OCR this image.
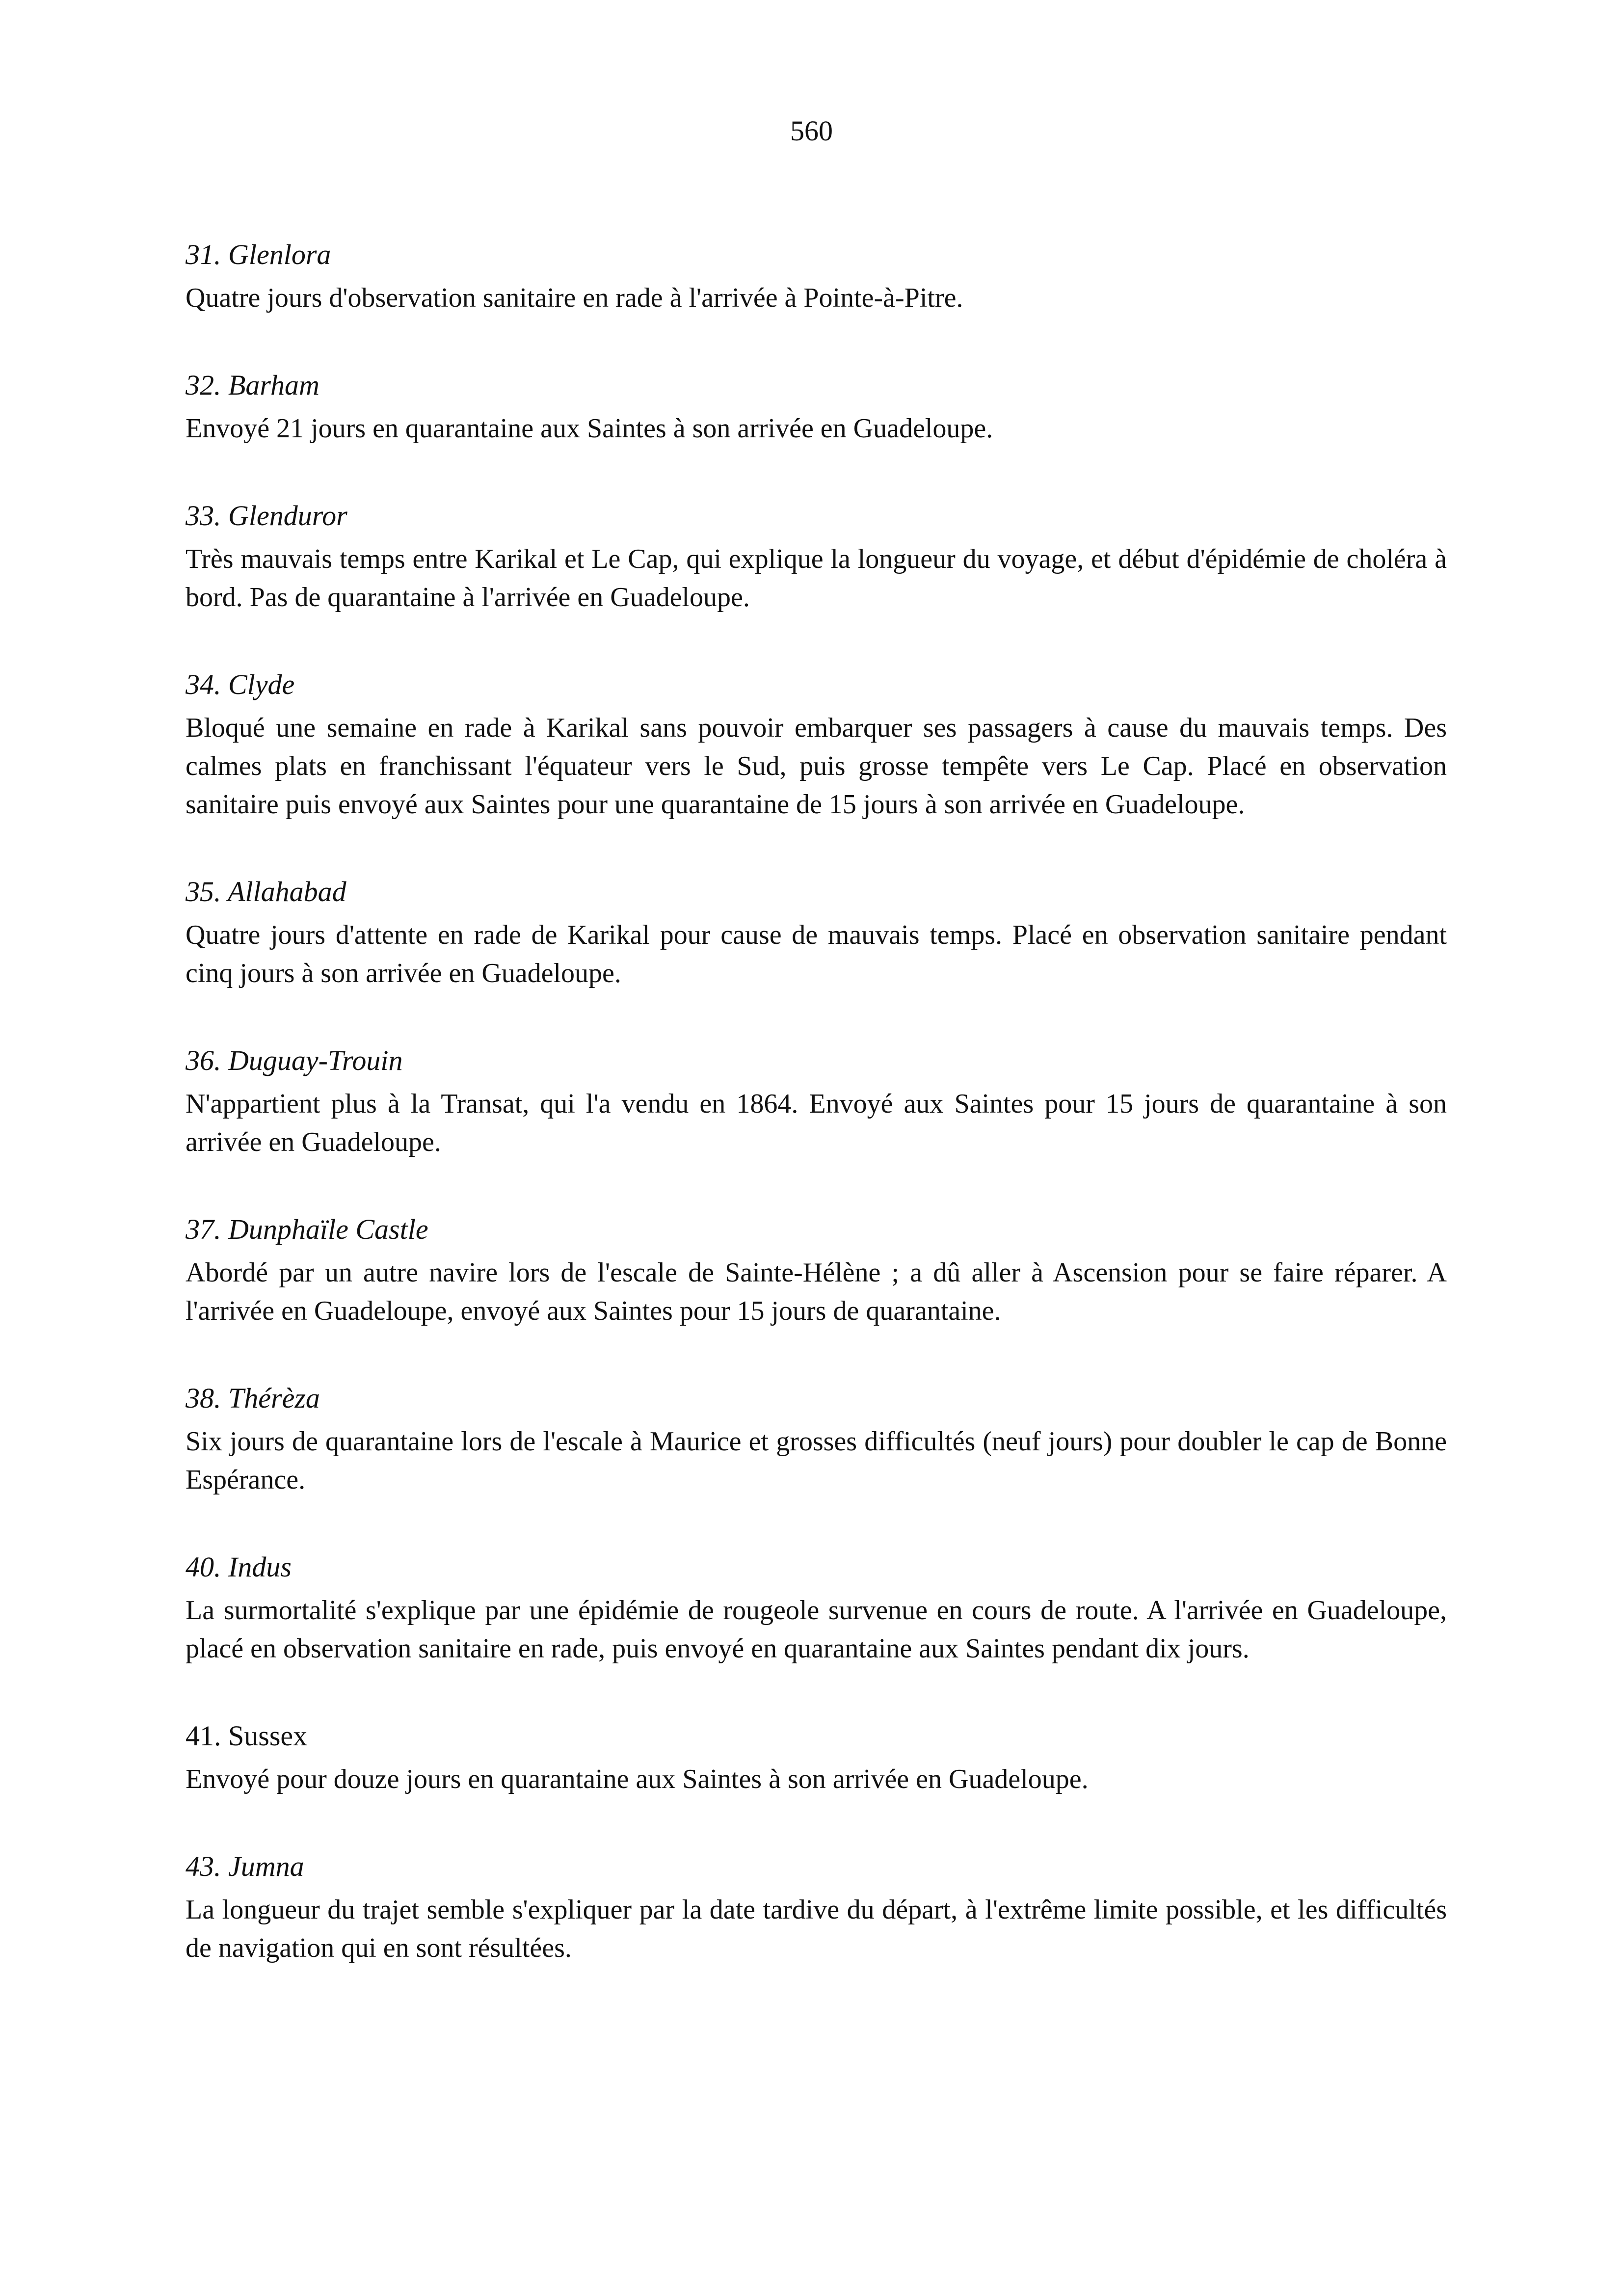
560
31. Glenlora

Quatre jours d'observation sanitaire en rade à l'arrivée à Pointe-à-Pitre.

32. Barham

Envoyé 21 jours en quarantaine aux Saintes à son arrivée en Guadeloupe.

33. Glenduror

Très mauvais temps entre Karikal et Le Cap, qui explique la longueur du voyage, et début d'épidémie de choléra à bord. Pas de quarantaine à l'arrivée en Guadeloupe.

34. Clyde

Bloqué une semaine en rade à Karikal sans pouvoir embarquer ses passagers à cause du mauvais temps. Des calmes plats en franchissant l'équateur vers le Sud, puis grosse tempête vers Le Cap. Placé en observation sanitaire puis envoyé aux Saintes pour une quarantaine de 15 jours à son arrivée en Guadeloupe.

35. Allahabad

Quatre jours d'attente en rade de Karikal pour cause de mauvais temps. Placé en observation sanitaire pendant cinq jours à son arrivée en Guadeloupe.

36. Duguay-Trouin

N'appartient plus à la Transat, qui l'a vendu en 1864. Envoyé aux Saintes pour 15 jours de quarantaine à son arrivée en Guadeloupe.

37. Dunphaïle Castle

Abordé par un autre navire lors de l'escale de Sainte-Hélène ; a dû aller à Ascension pour se faire réparer. A l'arrivée en Guadeloupe, envoyé aux Saintes pour 15 jours de quarantaine.

38. Thérèza

Six jours de quarantaine lors de l'escale à Maurice et grosses difficultés (neuf jours) pour doubler le cap de Bonne Espérance.

40. Indus

La surmortalité s'explique par une épidémie de rougeole survenue en cours de route. A l'arrivée en Guadeloupe, placé en observation sanitaire en rade, puis envoyé en quarantaine aux Saintes pendant dix jours.

41. Sussex

Envoyé pour douze jours en quarantaine aux Saintes à son arrivée en Guadeloupe.

43. Jumna

La longueur du trajet semble s'expliquer par la date tardive du départ, à l'extrême limite possible, et les difficultés de navigation qui en sont résultées.
